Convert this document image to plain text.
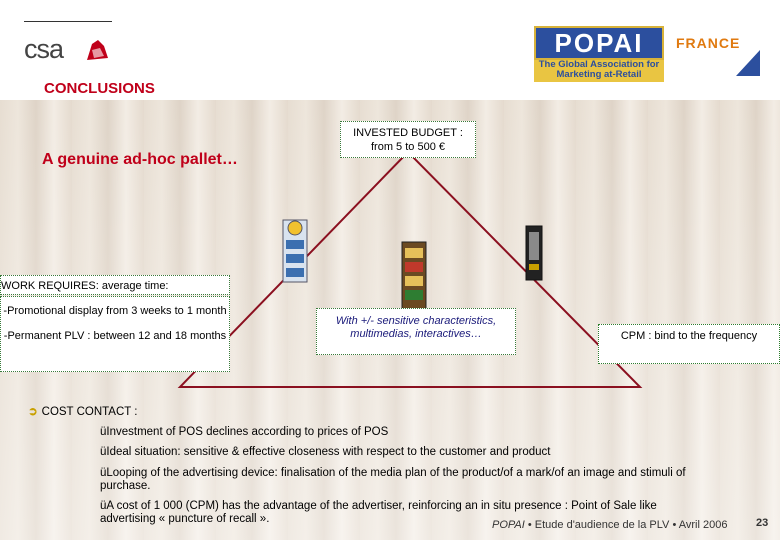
csa	POPAI
The Global Association for Marketing at-Retail
FRANCE
CONCLUSIONS
A genuine ad-hoc pallet…
INVESTED BUDGET :
from 5 to 500 €
WORK REQUIRES: average time:

-Promotional display from 3 weeks to 1 month

-Permanent PLV : between 12 and 18 months

With +/- sensitive characteristics, multimedias, interactives…	CPM : bind to the frequency
➲ COST CONTACT :
üInvestment of POS declines according to prices of POS
üIdeal situation: sensitive & effective closeness with respect to the customer and product
üLooping of the advertising device: finalisation of the media plan of the product/of a mark/of an image and stimuli of purchase.
üA cost of 1 000 (CPM) has the advantage of the advertiser, reinforcing an in situ presence : Point of Sale like advertising « puncture of recall ».	POPAI • Etude d'audience de la PLV • Avril 2006	23
